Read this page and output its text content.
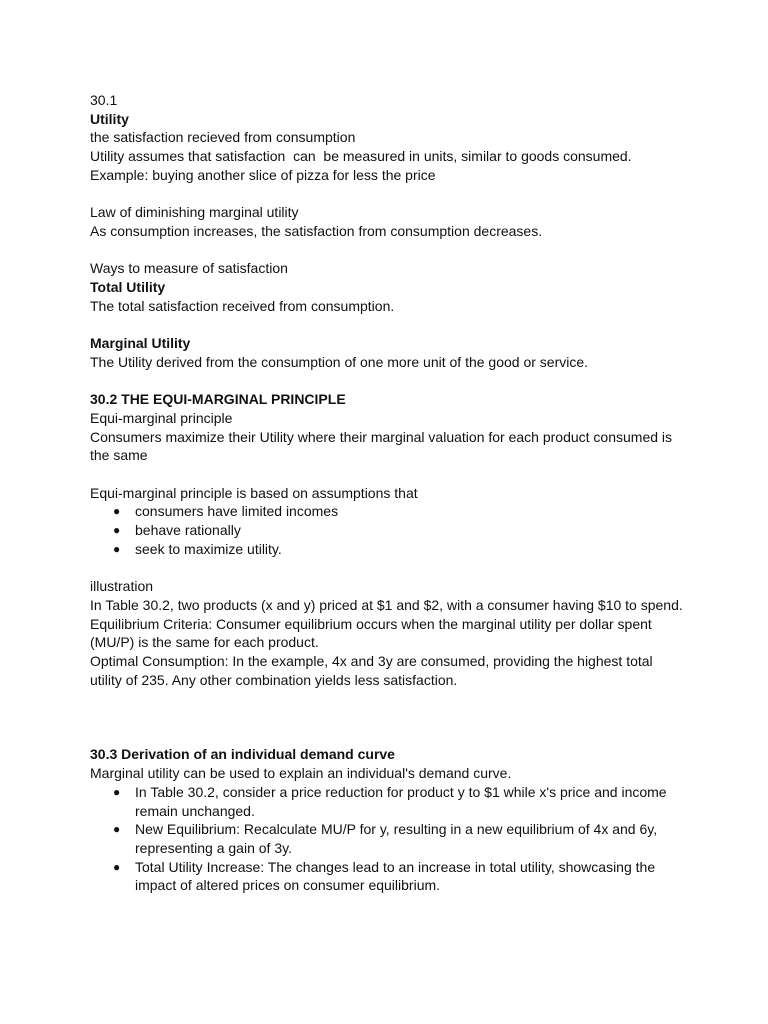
30.1

Utility

the satisfaction recieved from consumption

Utility assumes that satisfaction  can  be measured in units, similar to goods consumed.

Example: buying another slice of pizza for less the price

Law of diminishing marginal utility

As consumption increases, the satisfaction from consumption decreases.

Ways to measure of satisfaction

Total Utility

The total satisfaction received from consumption.

Marginal Utility

The Utility derived from the consumption of one more unit of the good or service.

30.2 THE EQUI-MARGINAL PRINCIPLE

Equi-marginal principle

Consumers maximize their Utility where their marginal valuation for each product consumed is

the same

Equi-marginal principle is based on assumptions that

● consumers have limited incomes
● behave rationally
● seek to maximize utility.

illustration

In Table 30.2, two products (x and y) priced at $1 and $2, with a consumer having $10 to spend.

Equilibrium Criteria: Consumer equilibrium occurs when the marginal utility per dollar spent

(MU/P) is the same for each product.

Optimal Consumption: In the example, 4x and 3y are consumed, providing the highest total

utility of 235. Any other combination yields less satisfaction.

30.3 Derivation of an individual demand curve

Marginal utility can be used to explain an individual's demand curve.

● In Table 30.2, consider a price reduction for product y to $1 while x's price and income
remain unchanged.
● New Equilibrium: Recalculate MU/P for y, resulting in a new equilibrium of 4x and 6y,
representing a gain of 3y.
● Total Utility Increase: The changes lead to an increase in total utility, showcasing the
impact of altered prices on consumer equilibrium.
